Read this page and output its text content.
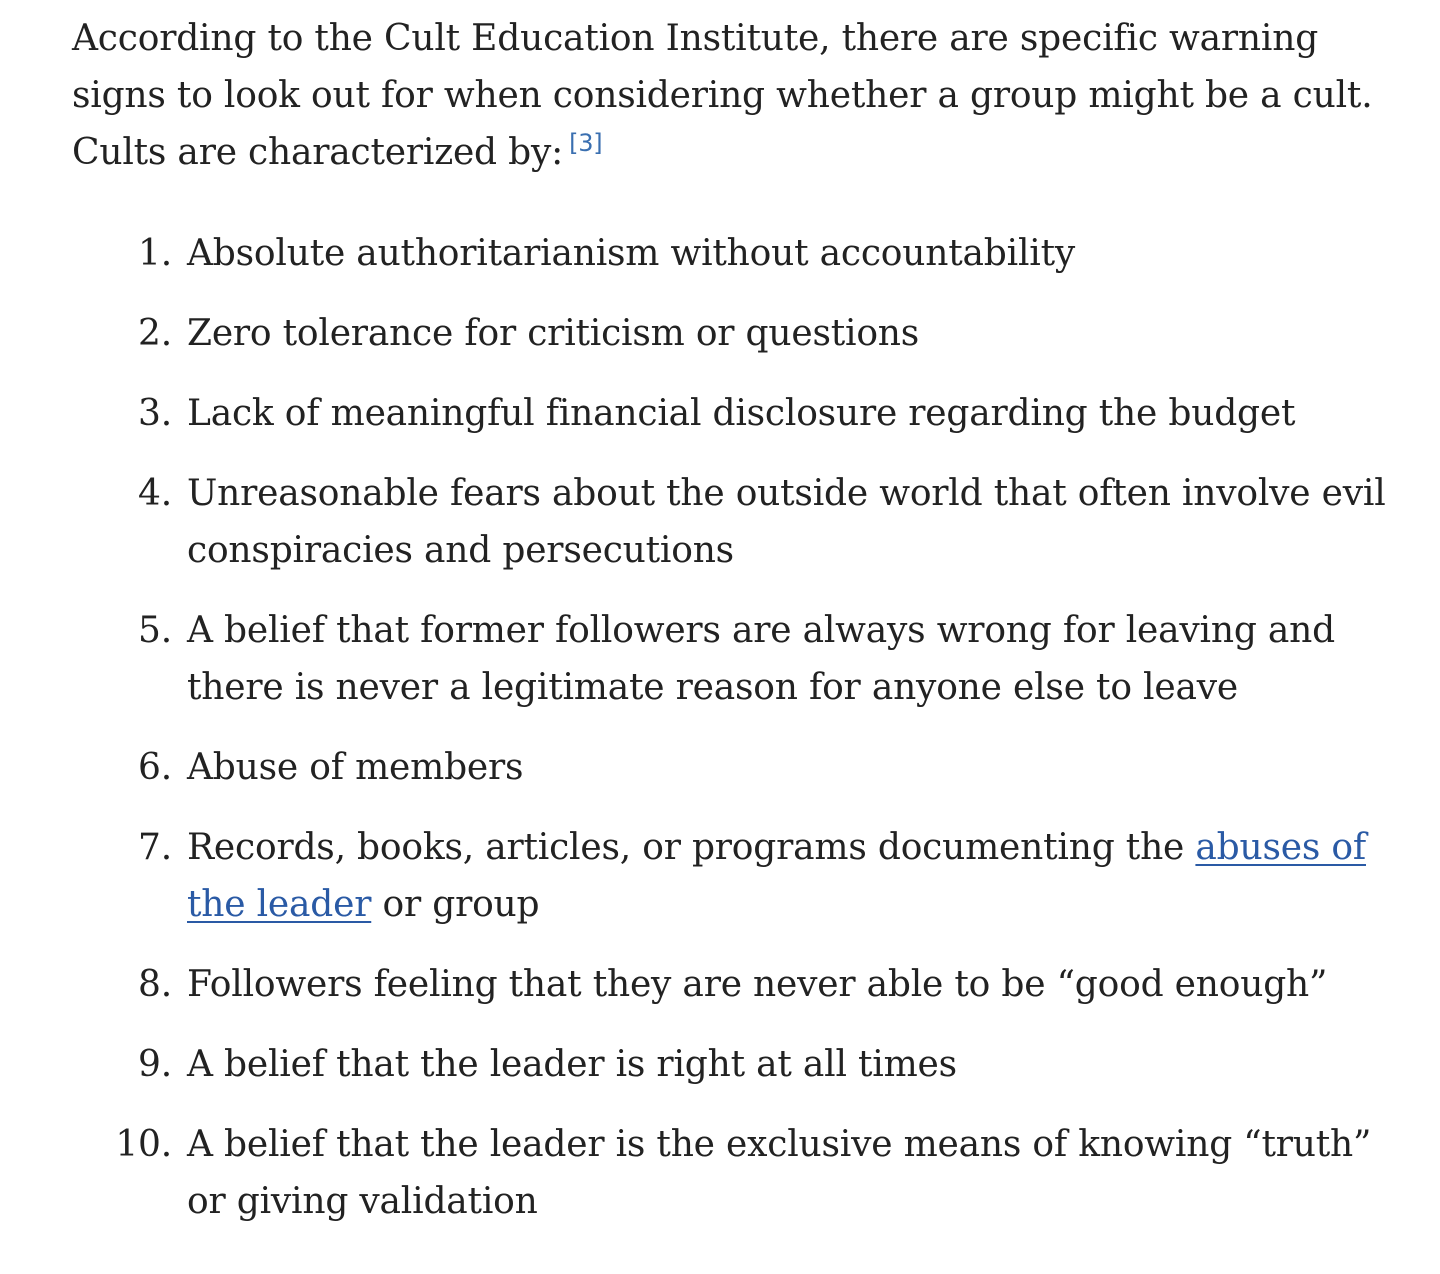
According to the Cult Education Institute, there are specific warning signs to look out for when considering whether a group might be a cult. Cults are characterized by: [3]

1. Absolute authoritarianism without accountability
2. Zero tolerance for criticism or questions
3. Lack of meaningful financial disclosure regarding the budget
4. Unreasonable fears about the outside world that often involve evil conspiracies and persecutions
5. A belief that former followers are always wrong for leaving and there is never a legitimate reason for anyone else to leave
6. Abuse of members
7. Records, books, articles, or programs documenting the abuses of the leader or group
8. Followers feeling that they are never able to be “good enough”
9. A belief that the leader is right at all times
10. A belief that the leader is the exclusive means of knowing “truth” or giving validation
